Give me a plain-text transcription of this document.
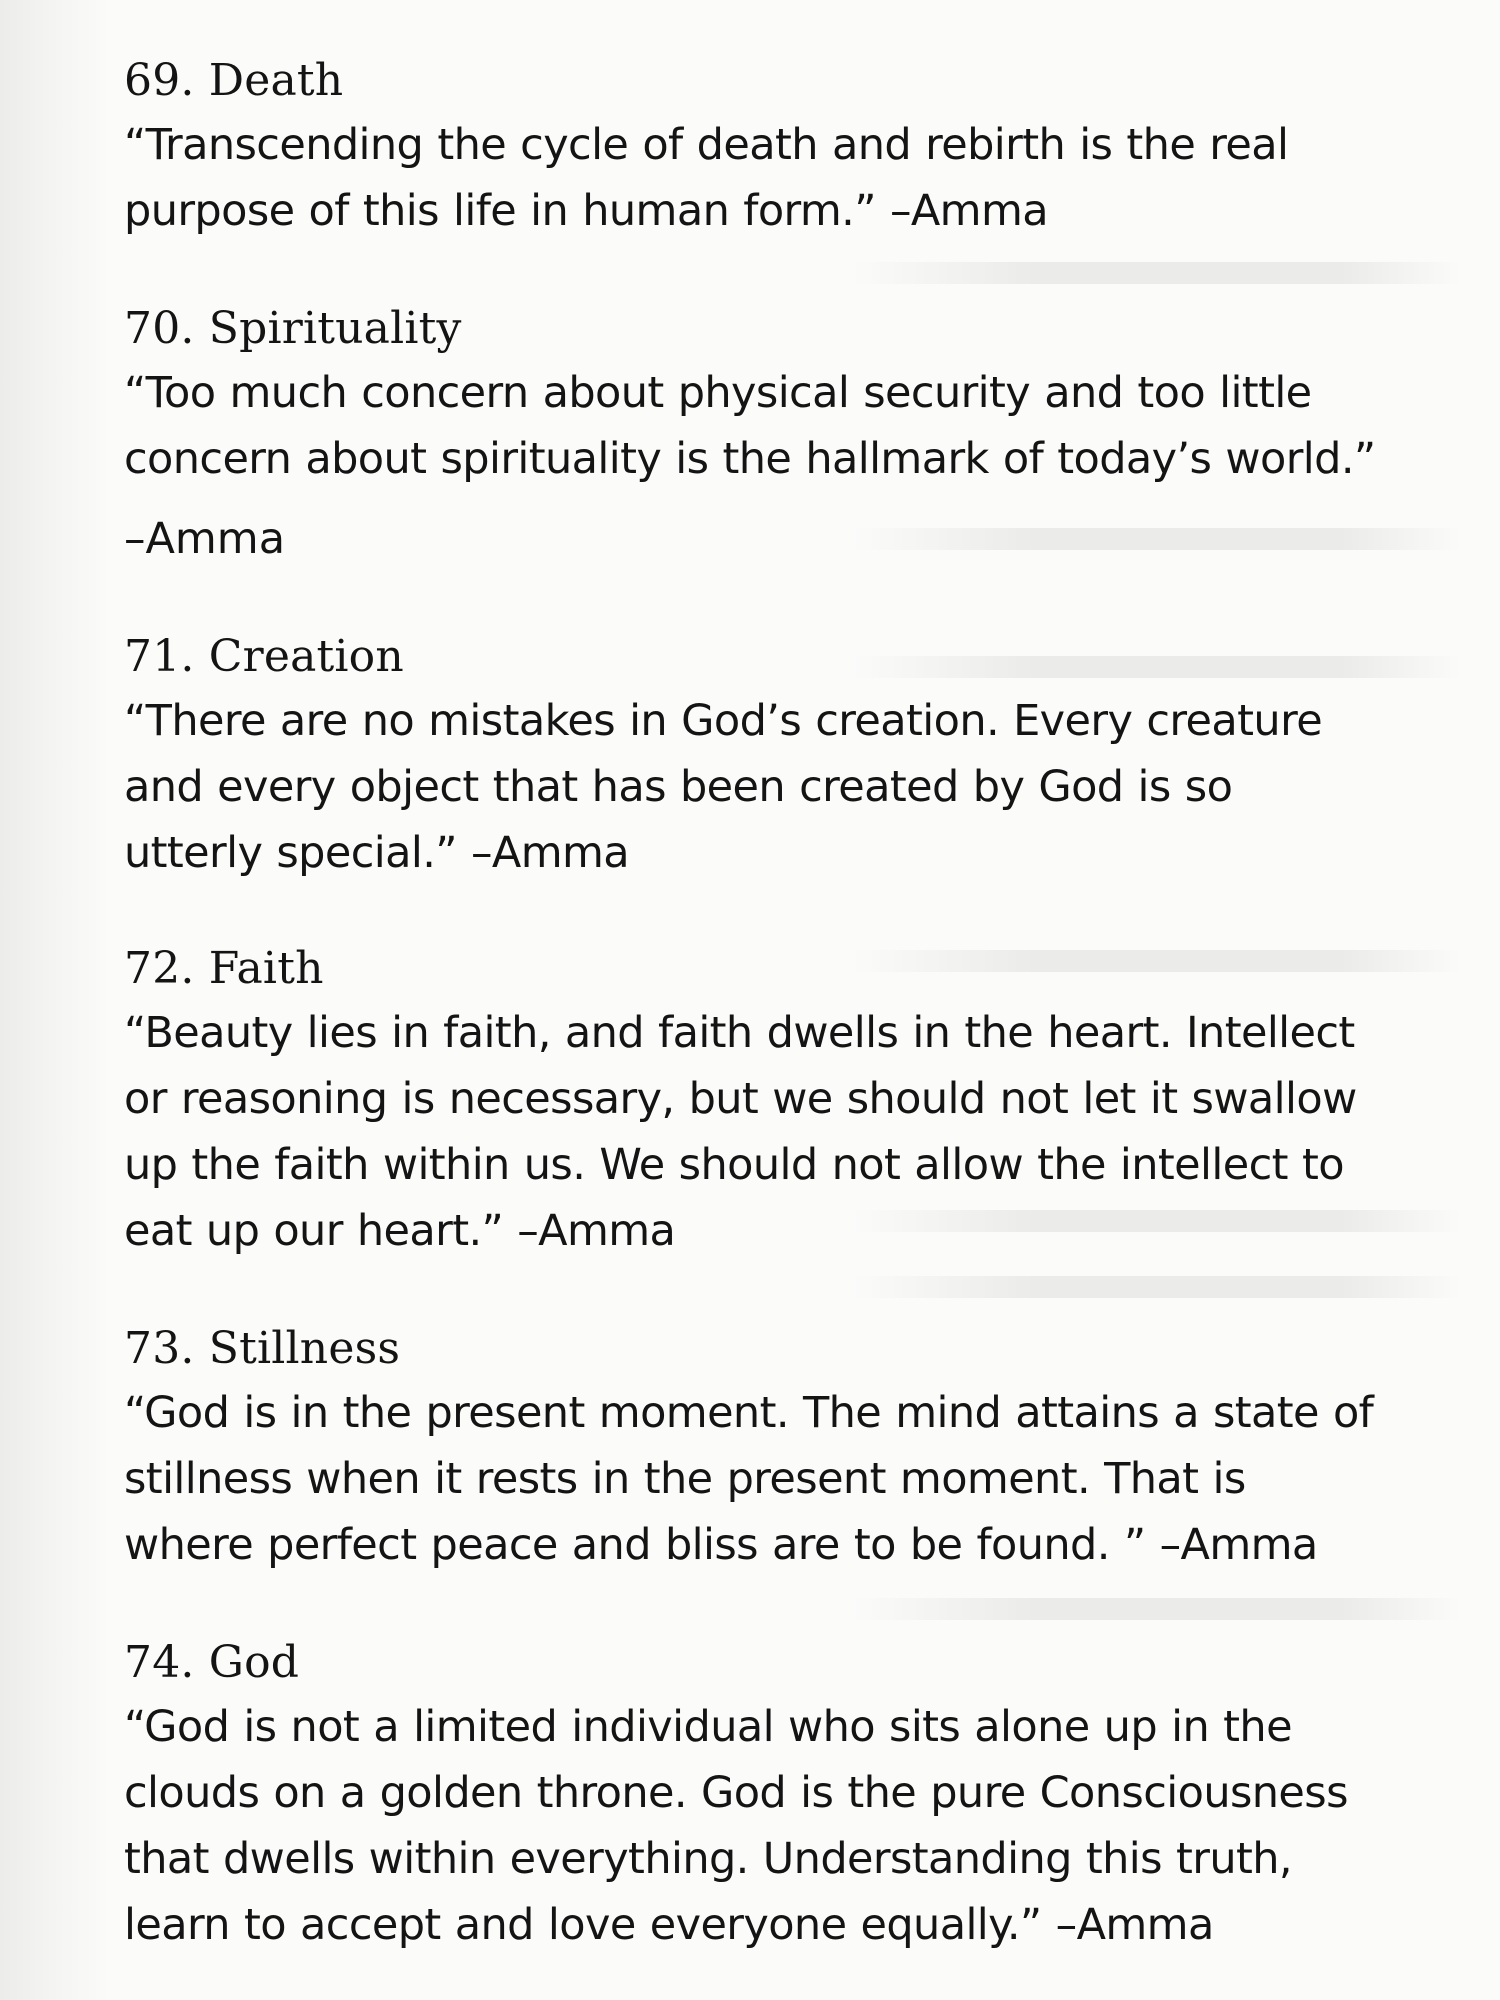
69. Death

“Transcending the cycle of death and rebirth is the real purpose of this life in human form.” –Amma

70. Spirituality

“Too much concern about physical security and too little concern about spirituality is the hallmark of today’s world.”

–Amma

71. Creation

“There are no mistakes in God’s creation. Every creature and every object that has been created by God is so utterly special.” –Amma

72. Faith

“Beauty lies in faith, and faith dwells in the heart. Intellect or reasoning is necessary, but we should not let it swallow up the faith within us. We should not allow the intellect to eat up our heart.” –Amma

73. Stillness

“God is in the present moment. The mind attains a state of stillness when it rests in the present moment. That is where perfect peace and bliss are to be found. ” –Amma

74. God

“God is not a limited individual who sits alone up in the clouds on a golden throne. God is the pure Consciousness that dwells within everything. Understanding this truth, learn to accept and love everyone equally.” –Amma
